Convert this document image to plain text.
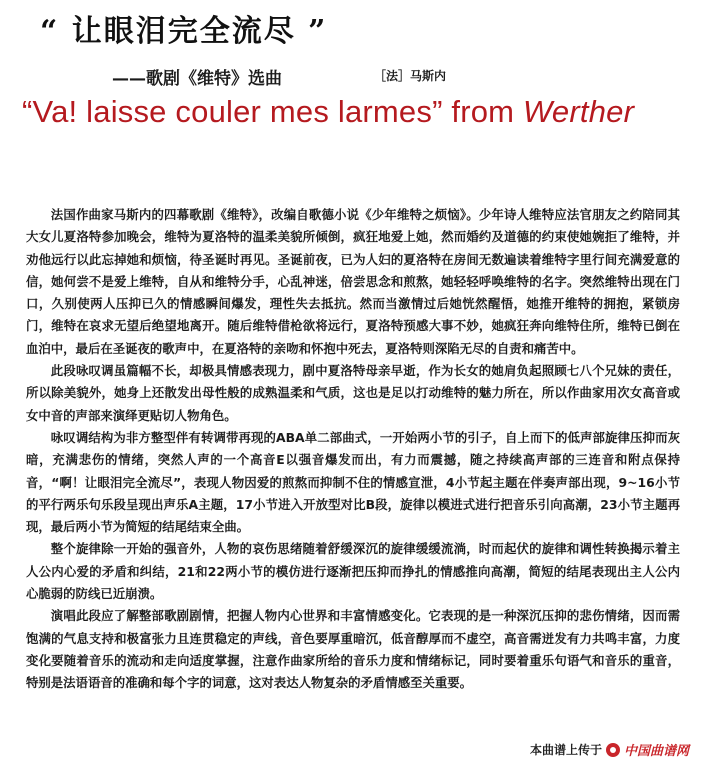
“ 让眼泪完全流尽 ”
——歌剧《维特》选曲	［法］马斯内
“Va! laisse couler mes larmes” from Werther

法国作曲家马斯内的四幕歌剧《维特》，改编自歌德小说《少年维特之烦恼》。少年诗人维特应法官朋友之约陪同其大女儿夏洛特参加晚会，维特为夏洛特的温柔美貌所倾倒，疯狂地爱上她，然而婚约及道德的约束使她婉拒了维特，并劝他远行以此忘掉她和烦恼，待圣诞时再见。圣诞前夜，已为人妇的夏洛特在房间无数遍读着维特字里行间充满爱意的信，她何尝不是爱上维特，自从和维特分手，心乱神迷，倍尝思念和煎熬，她轻轻呼唤维特的名字。突然维特出现在门口，久别使两人压抑已久的情感瞬间爆发，理性失去抵抗。然而当激情过后她恍然醒悟，她推开维特的拥抱，紧锁房门，维特在哀求无望后绝望地离开。随后维特借枪欲将远行，夏洛特预感大事不妙，她疯狂奔向维特住所，维特已倒在血泊中，最后在圣诞夜的歌声中，在夏洛特的亲吻和怀抱中死去，夏洛特则深陷无尽的自责和痛苦中。

此段咏叹调虽篇幅不长，却极具情感表现力，剧中夏洛特母亲早逝，作为长女的她肩负起照顾七八个兄妹的责任，所以除美貌外，她身上还散发出母性般的成熟温柔和气质，这也是足以打动维特的魅力所在，所以作曲家用次女高音或女中音的声部来演绎更贴切人物角色。

咏叹调结构为非方整型伴有转调带再现的ABA单二部曲式，一开始两小节的引子，自上而下的低声部旋律压抑而灰暗，充满悲伤的情绪，突然人声的一个高音E以强音爆发而出，有力而震撼，随之持续高声部的三连音和附点保持音，“啊！让眼泪完全流尽”，表现人物因爱的煎熬而抑制不住的情感宣泄，4小节起主题在伴奏声部出现，9~16小节的平行两乐句乐段呈现出声乐A主题，17小节进入开放型对比B段，旋律以模进式进行把音乐引向高潮，23小节主题再现，最后两小节为简短的结尾结束全曲。

整个旋律除一开始的强音外，人物的哀伤思绪随着舒缓深沉的旋律缓缓流淌，时而起伏的旋律和调性转换揭示着主人公内心爱的矛盾和纠结，21和22两小节的模仿进行逐渐把压抑而挣扎的情感推向高潮，简短的结尾表现出主人公内心脆弱的防线已近崩溃。

演唱此段应了解整部歌剧剧情，把握人物内心世界和丰富情感变化。它表现的是一种深沉压抑的悲伤情绪，因而需饱满的气息支持和极富张力且连贯稳定的声线，音色要厚重暗沉，低音醇厚而不虚空，高音需迸发有力共鸣丰富，力度变化要随着音乐的流动和走向适度掌握，注意作曲家所给的音乐力度和情绪标记，同时要着重乐句语气和音乐的重音，特别是法语语音的准确和每个字的词意，这对表达人物复杂的矛盾情感至关重要。

本曲谱上传于 中国曲谱网
